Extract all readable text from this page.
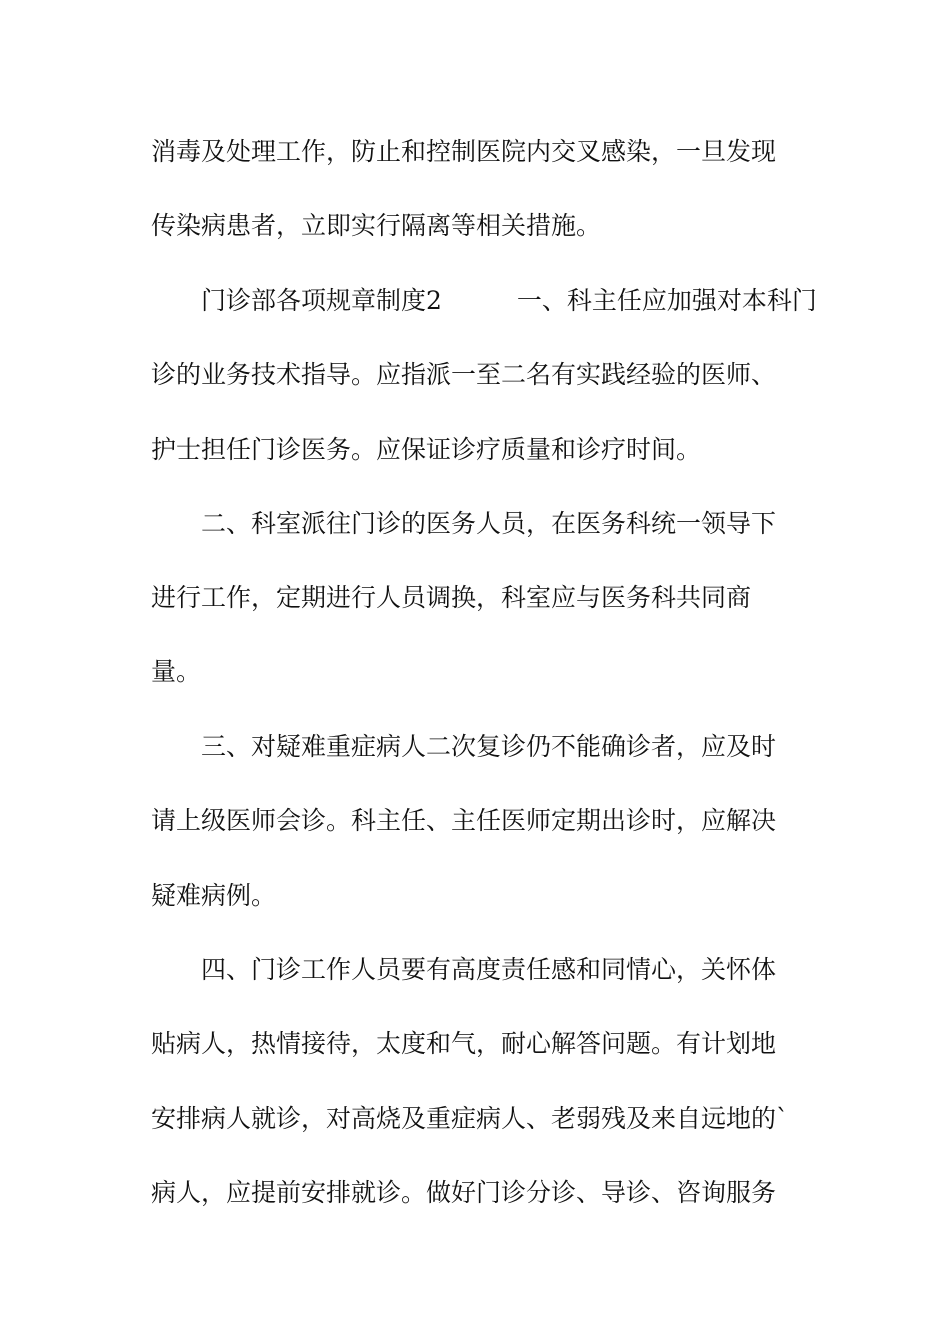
消毒及处理工作，防止和控制医院内交叉感染，一旦发现
传染病患者，立即实行隔离等相关措施。
门诊部各项规章制度2　　　一、科主任应加强对本科门
诊的业务技术指导。应指派一至二名有实践经验的医师、
护士担任门诊医务。应保证诊疗质量和诊疗时间。
二、科室派往门诊的医务人员，在医务科统一领导下
进行工作，定期进行人员调换，科室应与医务科共同商
量。
三、对疑难重症病人二次复诊仍不能确诊者，应及时
请上级医师会诊。科主任、主任医师定期出诊时，应解决
疑难病例。
四、门诊工作人员要有高度责任感和同情心，关怀体
贴病人，热情接待，太度和气，耐心解答问题。有计划地
安排病人就诊，对高烧及重症病人、老弱残及来自远地的`
病人，应提前安排就诊。做好门诊分诊、导诊、咨询服务
